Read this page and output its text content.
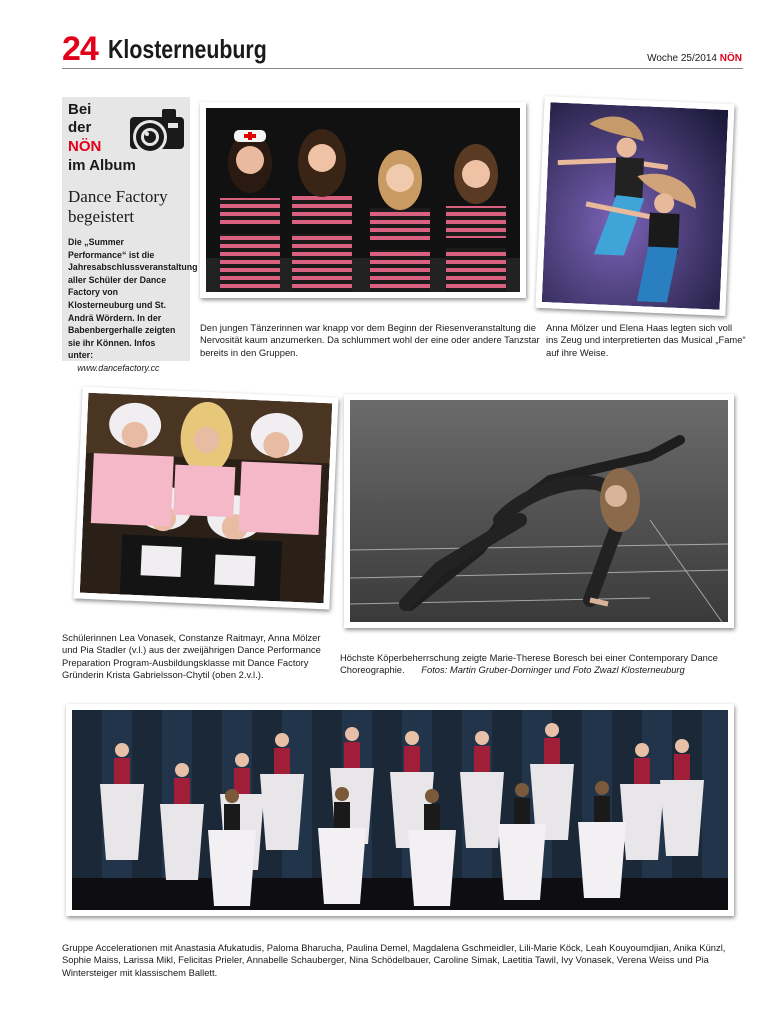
24 Klosterneuburg	Woche 25/2014 NÖN
Bei
der
NÖN
im Album
Dance Factory begeistert
Die „Summer Performance“ ist die Jahresabschlussveranstaltung aller Schüler der Dance Factory von Klosterneuburg und St. Andrä Wördern. In der Babenbergerhalle zeigten sie ihr Können. Infos unter: www.dancefactory.cc
Den jungen Tänzerinnen war knapp vor dem Beginn der Riesenveranstaltung die Nervosität kaum anzumerken. Da schlummert wohl der eine oder andere Tanzstar bereits in den Gruppen.
Anna Mölzer und Elena Haas legten sich voll ins Zeug und interpretierten das Musical „Fame“ auf ihre Weise.
Schülerinnen Lea Vonasek, Constanze Raitmayr, Anna Mölzer und Pia Stadler (v.l.) aus der zweijährigen Dance Performance Preparation Program-Ausbildungsklasse mit Dance Factory Gründerin Krista Gabrielsson-Chytil (oben 2.v.l.).
Höchste Köperbeherrschung zeigte Marie-Therese Boresch bei einer Contemporary Dance Choreographie. Fotos: Martin Gruber-Dorninger und Foto Zwazl Klosterneuburg
Gruppe Accelerationen mit Anastasia Afukatudis, Paloma Bharucha, Paulina Demel, Magdalena Gschmeidler, Lili-Marie Köck, Leah Kouyoumdjian, Anika Künzl, Sophie Maiss, Larissa Mikl, Felicitas Prieler, Annabelle Schauberger, Nina Schödelbauer, Caroline Simak, Laetitia Tawil, Ivy Vonasek, Verena Weiss und Pia Wintersteiger mit klassischem Ballett.
